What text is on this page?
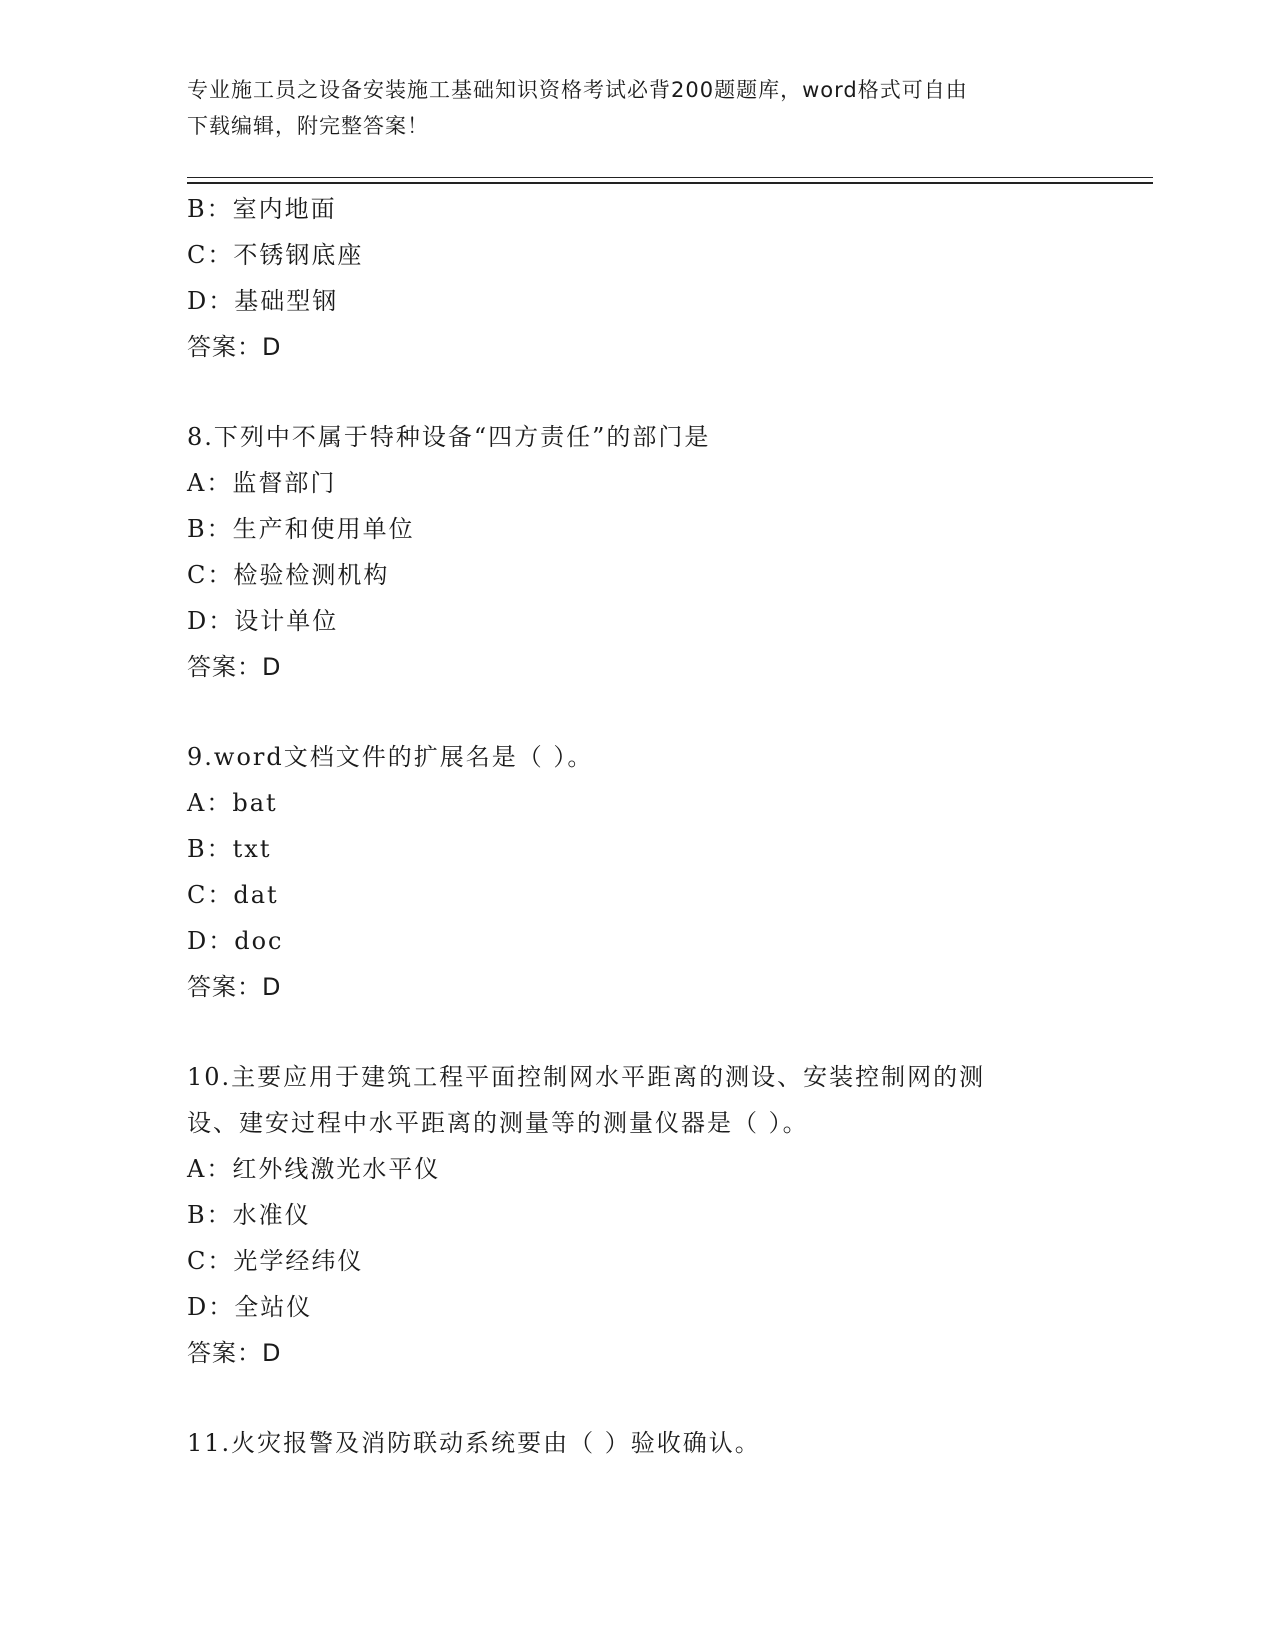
专业施工员之设备安装施工基础知识资格考试必背200题题库，word格式可自由
下载编辑，附完整答案！
B：室内地面
C：不锈钢底座
D：基础型钢
答案：D
8.下列中不属于特种设备“四方责任”的部门是
A：监督部门
B：生产和使用单位
C：检验检测机构
D：设计单位
答案：D
9.word文档文件的扩展名是（ ）。
A：bat
B：txt
C：dat
D：doc
答案：D
10.主要应用于建筑工程平面控制网水平距离的测设、安装控制网的测
设、建安过程中水平距离的测量等的测量仪器是（ ）。
A：红外线激光水平仪
B：水准仪
C：光学经纬仪
D：全站仪
答案：D
11.火灾报警及消防联动系统要由（ ）验收确认。
